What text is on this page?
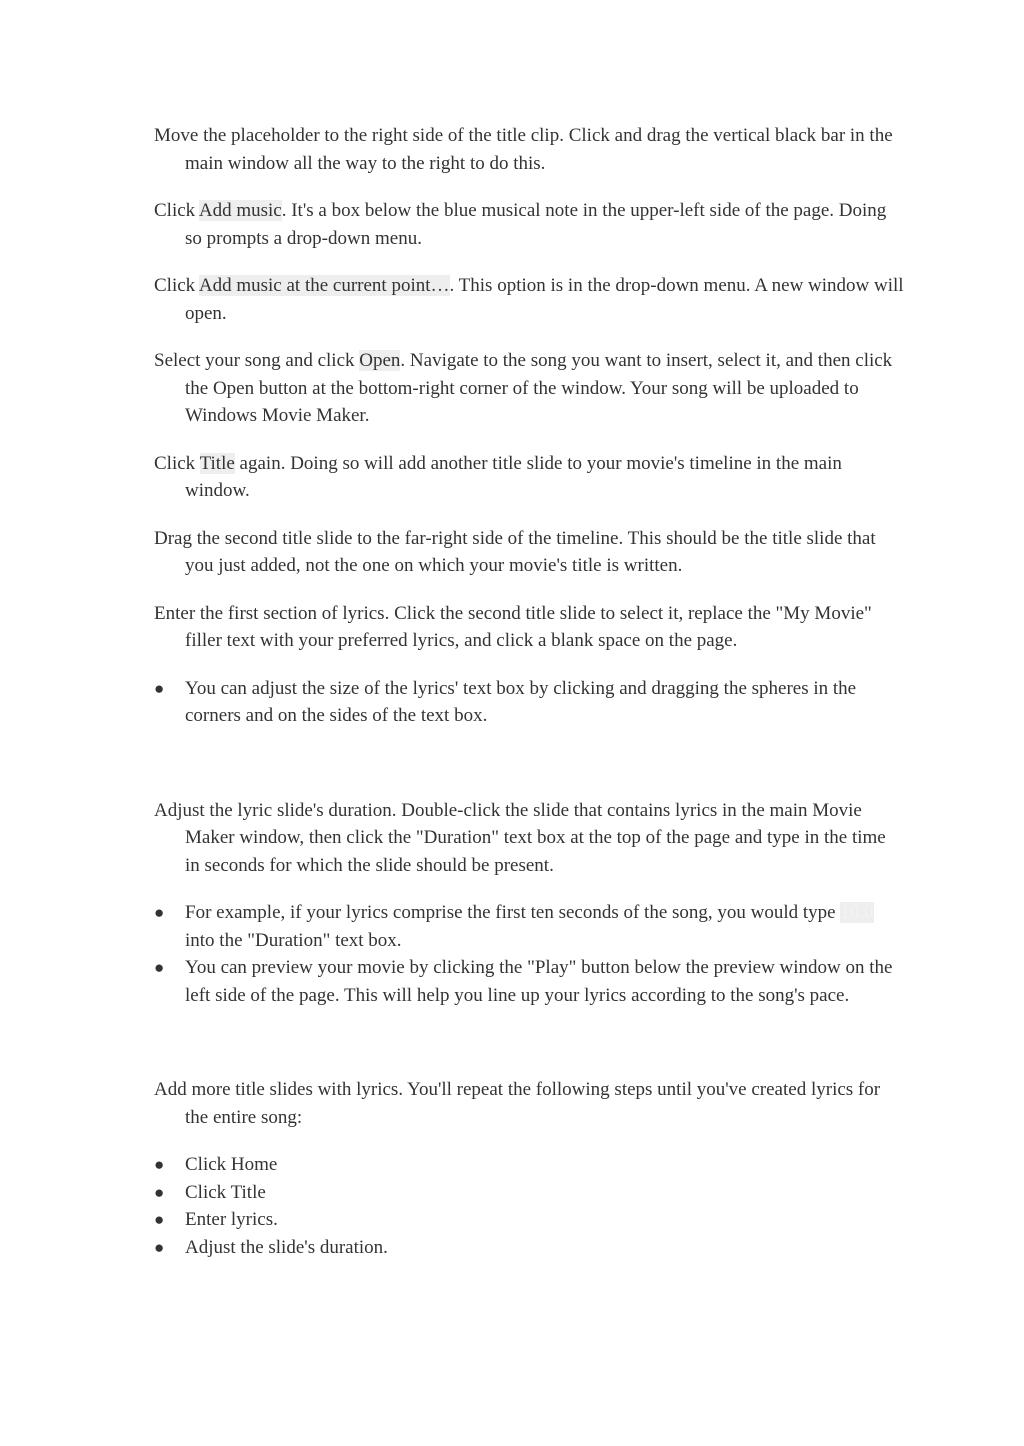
Move the placeholder to the right side of the title clip. Click and drag the vertical black bar in the main window all the way to the right to do this.

Click Add music. It's a box below the blue musical note in the upper-left side of the page. Doing so prompts a drop-down menu.

Click Add music at the current point…. This option is in the drop-down menu. A new window will open.

Select your song and click Open. Navigate to the song you want to insert, select it, and then click the Open button at the bottom-right corner of the window. Your song will be uploaded to Windows Movie Maker.

Click Title again. Doing so will add another title slide to your movie's timeline in the main window.

Drag the second title slide to the far-right side of the timeline. This should be the title slide that you just added, not the one on which your movie's title is written.

Enter the first section of lyrics. Click the second title slide to select it, replace the "My Movie" filler text with your preferred lyrics, and click a blank space on the page.

● You can adjust the size of the lyrics' text box by clicking and dragging the spheres in the corners and on the sides of the text box.

Adjust the lyric slide's duration. Double-click the slide that contains lyrics in the main Movie Maker window, then click the "Duration" text box at the top of the page and type in the time in seconds for which the slide should be present.

● For example, if your lyrics comprise the first ten seconds of the song, you would type 10.0 into the "Duration" text box.
● You can preview your movie by clicking the "Play" button below the preview window on the left side of the page. This will help you line up your lyrics according to the song's pace.

Add more title slides with lyrics. You'll repeat the following steps until you've created lyrics for the entire song:

● Click Home
● Click Title
● Enter lyrics.
● Adjust the slide's duration.
